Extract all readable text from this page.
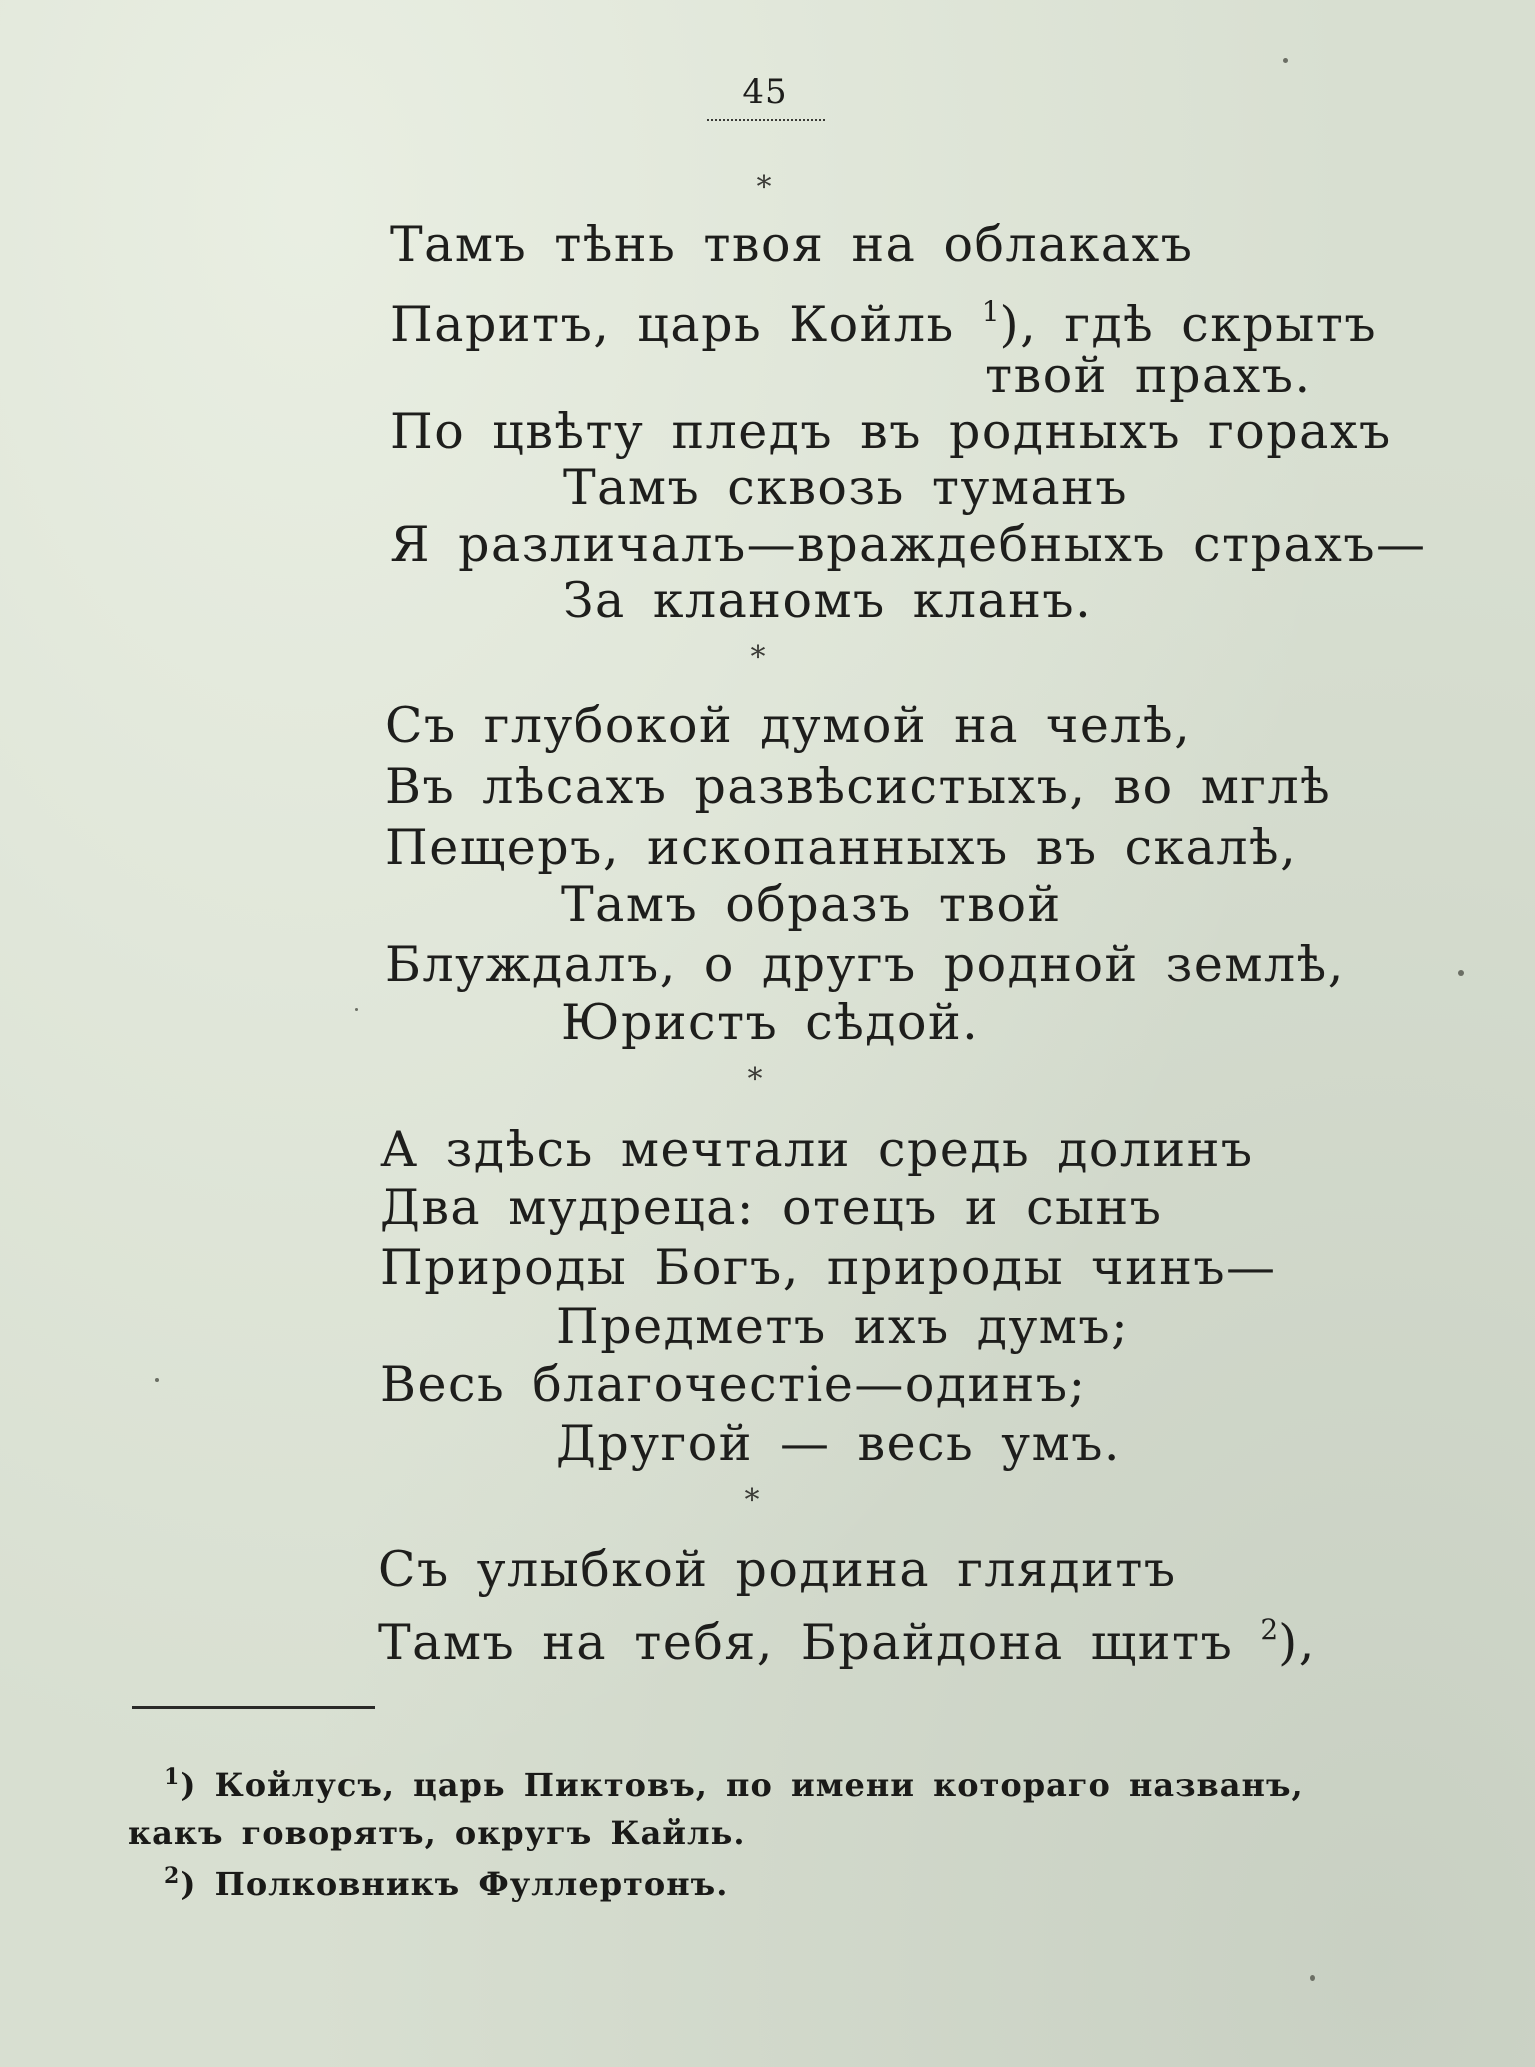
45
*
Тамъ тѣнь твоя на облакахъ
Паритъ, царь Койль $^1$), гдѣ скрытъ
твой прахъ.
По цвѣту пледъ въ родныхъ горахъ
Тамъ сквозь туманъ
Я различалъ—враждебныхъ страхъ—
За кланомъ кланъ.
*
Съ глубокой думой на челѣ,
Въ лѣсахъ развѣсистыхъ, во мглѣ
Пещеръ, ископанныхъ въ скалѣ,
Тамъ образъ твой
Блуждалъ, о другъ родной землѣ,
Юристъ сѣдой.
*
А здѣсь мечтали средь долинъ
Два мудреца: отецъ и сынъ
Природы Богъ, природы чинъ—
Предметъ ихъ думъ;
Весь благочестіе—одинъ;
Другой — весь умъ.
*
Съ улыбкой родина глядитъ
Тамъ на тебя, Брайдона щитъ $^2$),
$^1$) Койлусъ, царь Пиктовъ, по имени котораго названъ, какъ говорятъ, округъ Кайль.
$^2$) Полковникъ Фуллертонъ.
